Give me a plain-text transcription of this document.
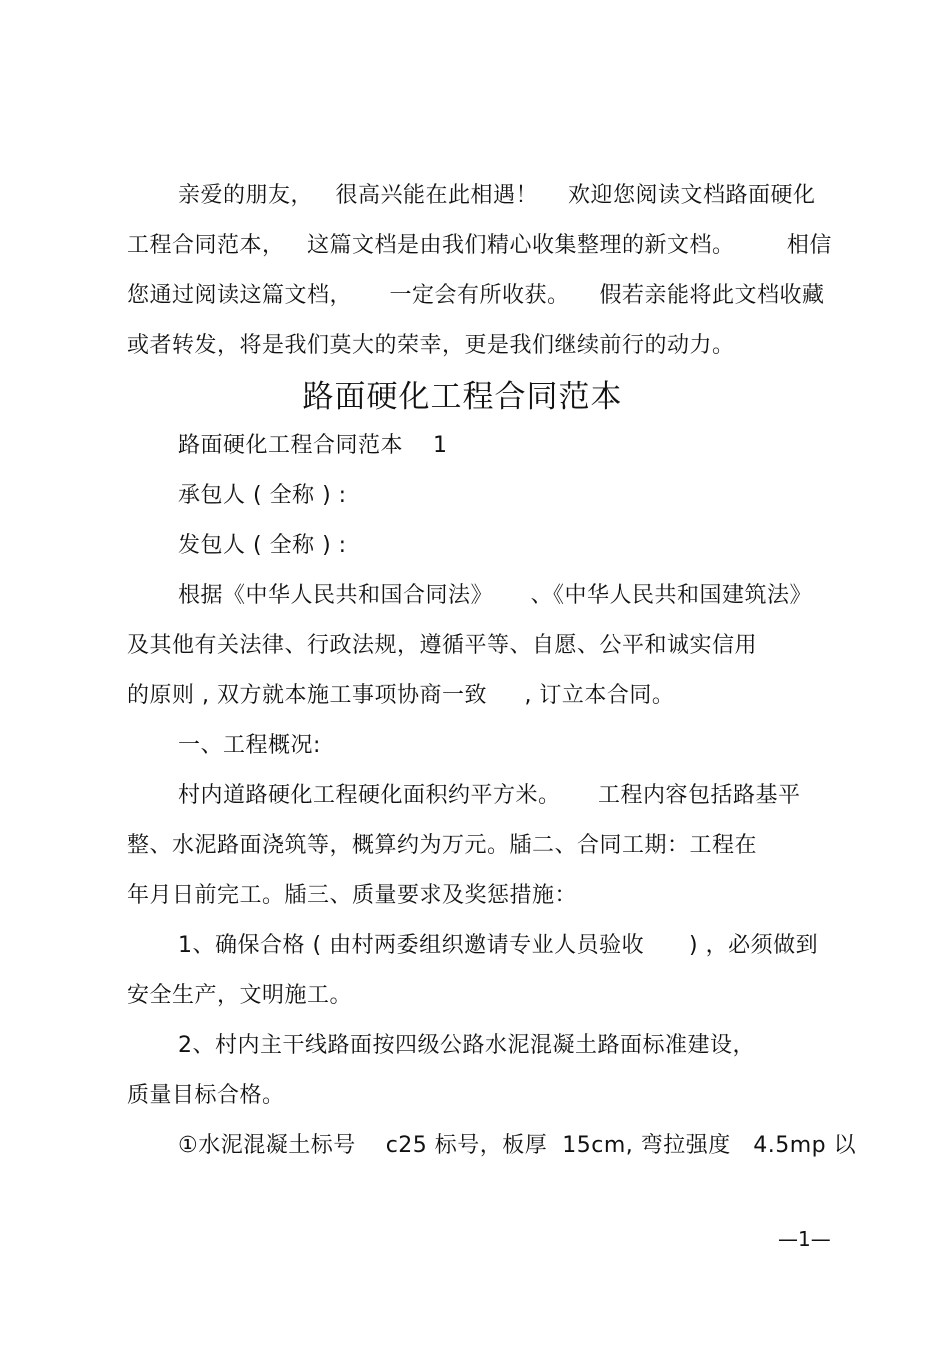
亲爱的朋友，   很高兴能在此相遇！    欢迎您阅读文档路面硬化
工程合同范本，   这篇文档是由我们精心收集整理的新文档。       相信
您通过阅读这篇文档，     一定会有所收获。    假若亲能将此文档收藏
或者转发，将是我们莫大的荣幸，更是我们继续前行的动力。
路面硬化工程合同范本
路面硬化工程合同范本    1
承包人 ( 全称 ) :
发包人 ( 全称 ) :
根据《中华人民共和国合同法》     、《中华人民共和国建筑法》
及其他有关法律、行政法规，遵循平等、自愿、公平和诚实信用
的原则 , 双方就本施工事项协商一致     , 订立本合同。
一、工程概况:
村内道路硬化工程硬化面积约平方米。     工程内容包括路基平
整、水泥路面浇筑等，概算约为万元。牐二、合同工期：工程在
年月日前完工。牐三、质量要求及奖惩措施：
1、确保合格 ( 由村两委组织邀请专业人员验收      ) ，必须做到
安全生产，文明施工。
2、村内主干线路面按四级公路水泥混凝土路面标准建设，
质量目标合格。
①水泥混凝土标号    c25 标号，板厚  15cm, 弯拉强度   4.5mp 以
—1—
